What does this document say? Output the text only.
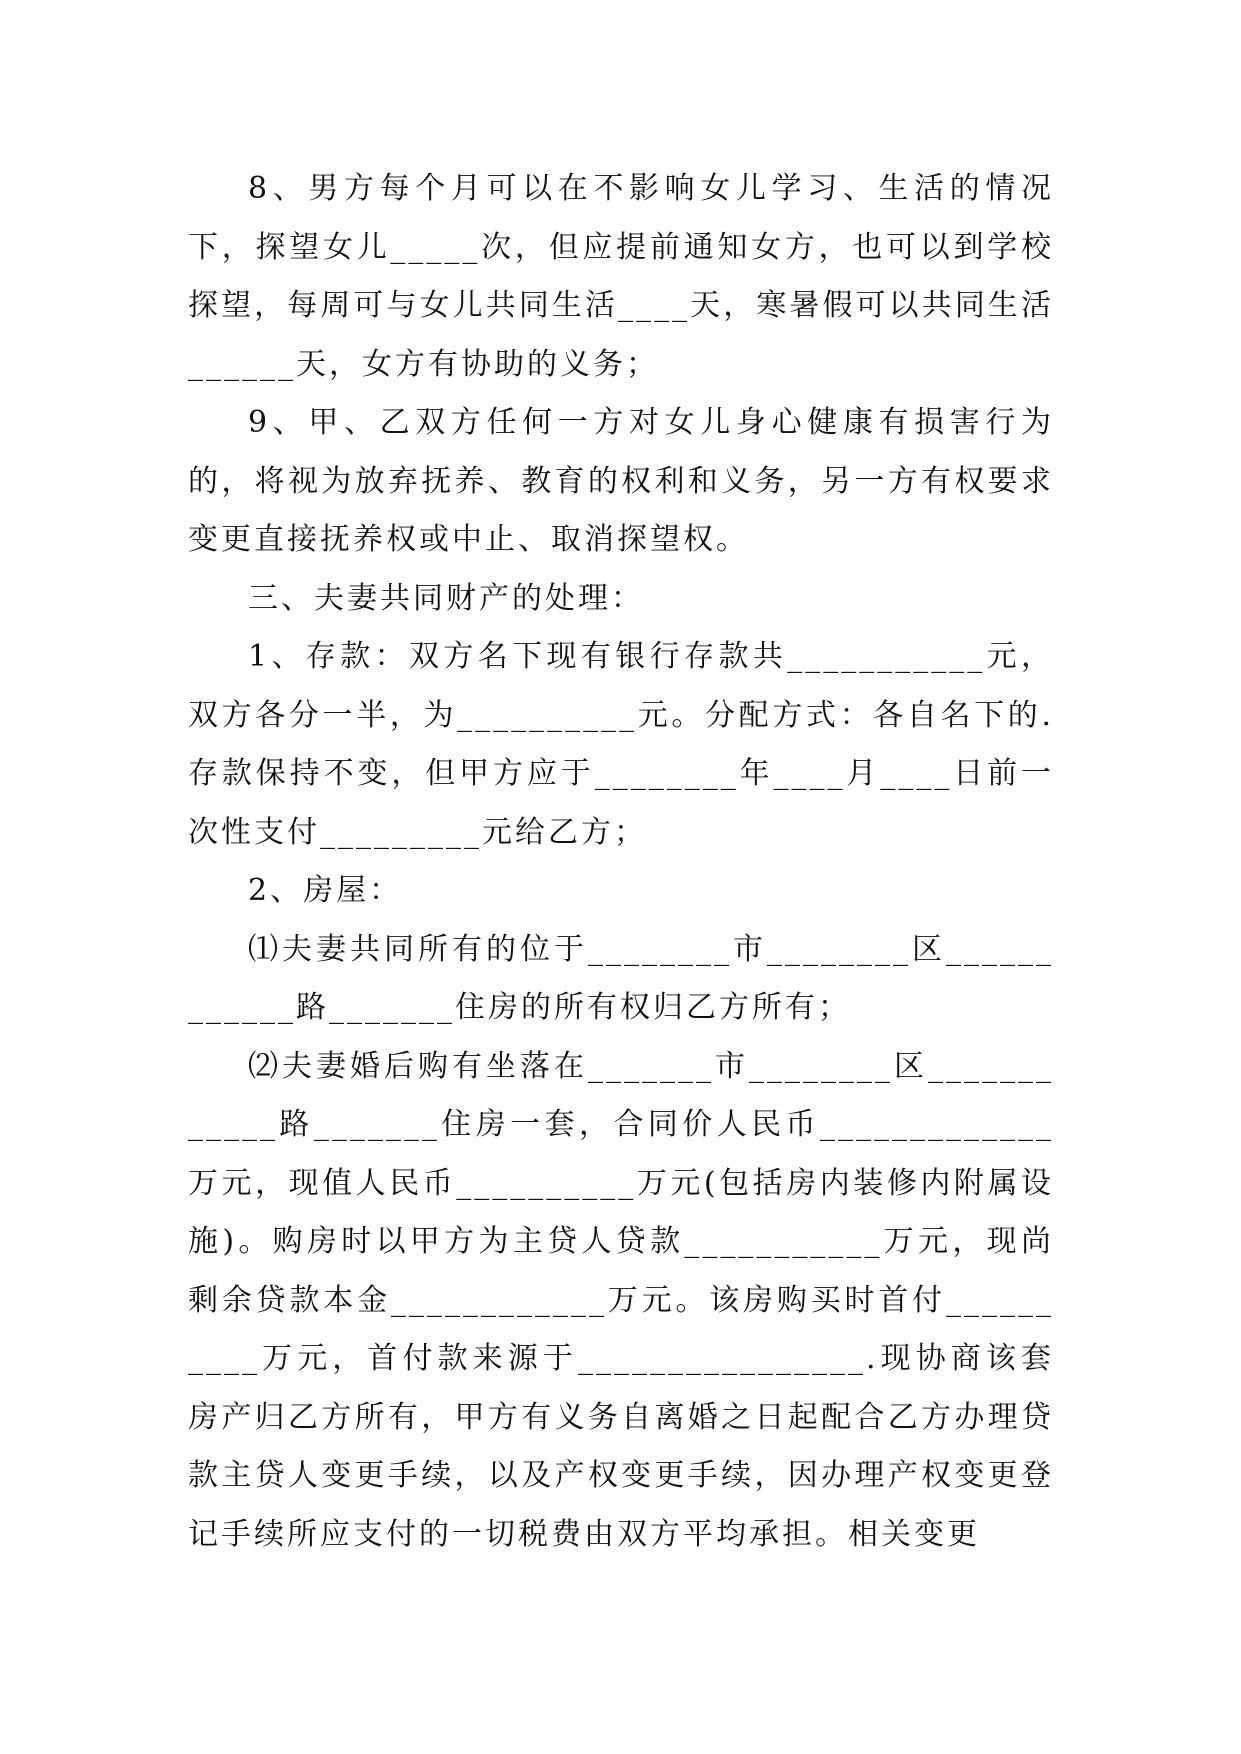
8、男方每个月可以在不影响女儿学习、生活的情况下，探望女儿_____次，但应提前通知女方，也可以到学校探望，每周可与女儿共同生活____天，寒暑假可以共同生活______天，女方有协助的义务；

9、甲、乙双方任何一方对女儿身心健康有损害行为的，将视为放弃抚养、教育的权利和义务，另一方有权要求变更直接抚养权或中止、取消探望权。

三、夫妻共同财产的处理：

1、存款：双方名下现有银行存款共___________元，双方各分一半，为__________元。分配方式：各自名下的.存款保持不变，但甲方应于________年____月____日前一次性支付_________元给乙方；

2、房屋：

⑴夫妻共同所有的位于________市________区____________路_______住房的所有权归乙方所有；

⑵夫妻婚后购有坐落在_______市________区____________路_______住房一套，合同价人民币_____________万元，现值人民币__________万元(包括房内装修内附属设施)。购房时以甲方为主贷人贷款___________万元，现尚剩余贷款本金____________万元。该房购买时首付__________万元，首付款来源于________________.现协商该套房产归乙方所有，甲方有义务自离婚之日起配合乙方办理贷款主贷人变更手续，以及产权变更手续，因办理产权变更登记手续所应支付的一切税费由双方平均承担。相关变更
